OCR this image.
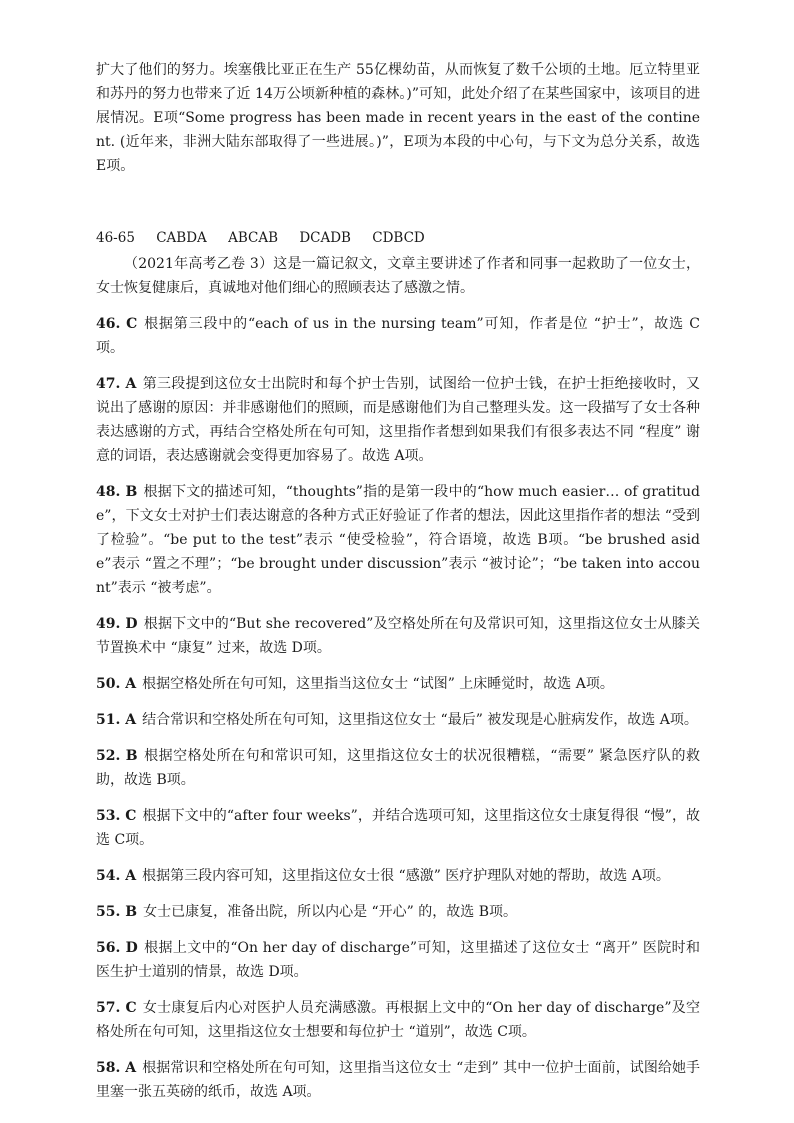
扩大了他们的努力。埃塞俄比亚正在生产 55亿棵幼苗，从而恢复了数千公顷的土地。厄立特里亚和苏丹的努力也带来了近 14万公顷新种植的森林。)”可知，此处介绍了在某些国家中，该项目的进展情况。E项“Some progress has been made in recent years in the east of the continent. (近年来，非洲大陆东部取得了一些进展。)”，E项为本段的中心句，与下文为总分关系，故选 E项。

46-65 CABDA ABCAB DCADB CDBCD

（2021年高考乙卷 3）这是一篇记叙文，文章主要讲述了作者和同事一起救助了一位女士，女士恢复健康后，真诚地对他们细心的照顾表达了感激之情。

46. C 根据第三段中的“each of us in the nursing team”可知，作者是位 “护士”，故选 C项。

47. A 第三段提到这位女士出院时和每个护士告别，试图给一位护士钱，在护士拒绝接收时，又说出了感谢的原因：并非感谢他们的照顾，而是感谢他们为自己整理头发。这一段描写了女士各种表达感谢的方式，再结合空格处所在句可知，这里指作者想到如果我们有很多表达不同 “程度” 谢意的词语，表达感谢就会变得更加容易了。故选 A项。

48. B 根据下文的描述可知，“thoughts”指的是第一段中的“how much easier… of gratitude”，下文女士对护士们表达谢意的各种方式正好验证了作者的想法，因此这里指作者的想法 “受到了检验”。“be put to the test”表示 “使受检验”，符合语境，故选 B项。“be brushed aside”表示 “置之不理”；“be brought under discussion”表示 “被讨论”；“be taken into account”表示 “被考虑”。

49. D 根据下文中的“But she recovered”及空格处所在句及常识可知，这里指这位女士从膝关节置换术中 “康复” 过来，故选 D项。

50. A 根据空格处所在句可知，这里指当这位女士 “试图” 上床睡觉时，故选 A项。

51. A 结合常识和空格处所在句可知，这里指这位女士 “最后” 被发现是心脏病发作，故选 A项。

52. B 根据空格处所在句和常识可知，这里指这位女士的状况很糟糕，“需要” 紧急医疗队的救助，故选 B项。

53. C 根据下文中的“after four weeks”，并结合选项可知，这里指这位女士康复得很 “慢”，故选 C项。

54. A 根据第三段内容可知，这里指这位女士很 “感激” 医疗护理队对她的帮助，故选 A项。

55. B 女士已康复，准备出院，所以内心是 “开心” 的，故选 B项。

56. D 根据上文中的“On her day of discharge”可知，这里描述了这位女士 “离开” 医院时和医生护士道别的情景，故选 D项。

57. C 女士康复后内心对医护人员充满感激。再根据上文中的“On her day of discharge”及空格处所在句可知，这里指这位女士想要和每位护士 “道别”，故选 C项。

58. A 根据常识和空格处所在句可知，这里指当这位女士 “走到” 其中一位护士面前，试图给她手里塞一张五英磅的纸币，故选 A项。
